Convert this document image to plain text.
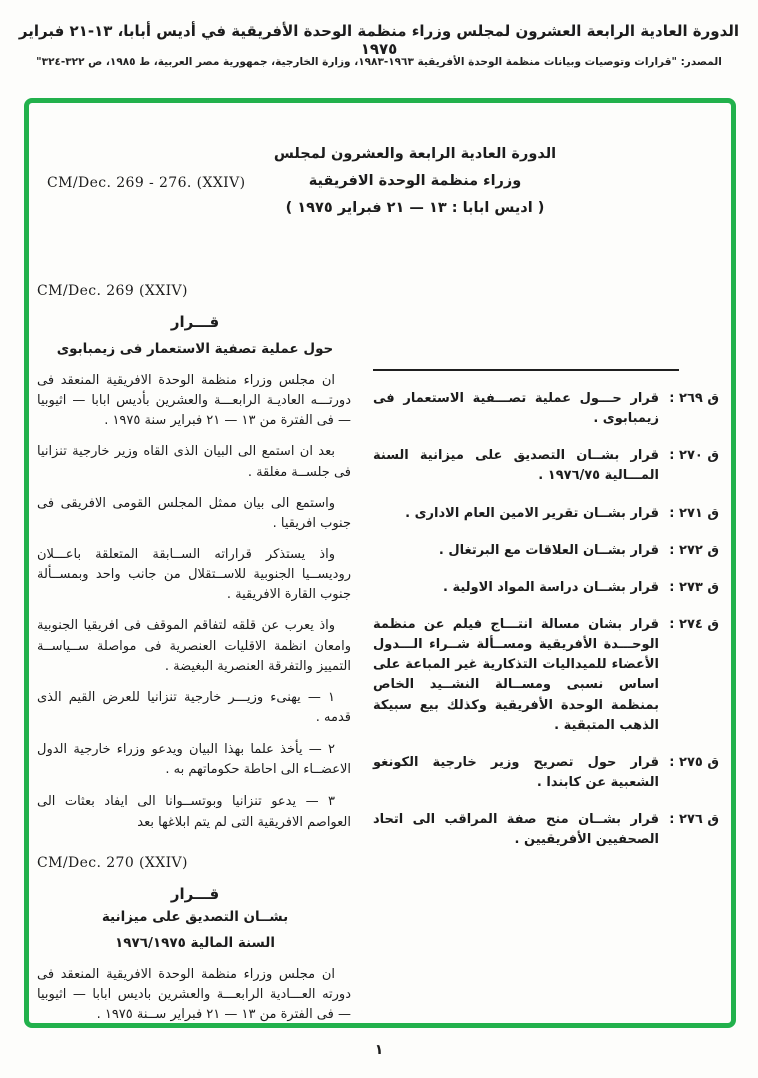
الدورة العادية الرابعة العشرون لمجلس وزراء منظمة الوحدة الأفريقية في أديس أبابا، ١٣-٢١ فبراير ١٩٧٥
المصدر: "قرارات وتوصيات وبيانات منظمة الوحدة الأفريقية ١٩٦٣-١٩٨٣، وزارة الخارجية، جمهورية مصر العربية، ط ١٩٨٥، ص ٣٢٢-٣٢٤"
CM/Dec. 269 - 276. (XXIV)
الدورة العادية الرابعة والعشرون لمجلس
وزراء منظمة الوحدة الافريقية
( اديس ابابا : ١٣ — ٢١ فبراير ١٩٧٥ )
ق ٢٦٩ :
قرار حـــول عملية تصـــفية الاستعمار فى زيمبابوى .
ق ٢٧٠ :
قرار بشــان التصديق على ميزانية السنة المـــالية ١٩٧٦/٧٥ .
ق ٢٧١ :
قرار بشــان تقرير الامين العام الادارى .
ق ٢٧٢ :
قرار بشــان العلاقات مع البرتغال .
ق ٢٧٣ :
قرار بشــان دراسة المواد الاولية .
ق ٢٧٤ :
قرار بشان مسالة انتـــاج فيلم عن منظمة الوحـــدة الأفريقية ومســألة شــراء الـــدول الأعضاء للميداليات التذكارية غير المباعة على اساس نسبى ومســالة النشــيد الخاص بمنظمة الوحدة الأفريقية وكذلك بيع سبيكة الذهب المتبقية .
ق ٢٧٥ :
قرار حول تصريح وزير خارجية الكونغو الشعبية عن كابندا .
ق ٢٧٦ :
قرار بشــان منح صفة المراقب الى اتحاد الصحفيين الأفريقيين .
CM/Dec. 269 (XXIV)
قـــرار
حول عملية تصفية الاستعمار فى زيمبابوى
ان مجلس وزراء منظمة الوحدة الافريقية المنعقد فى دورتـــه العاديـة الرابعـــة والعشرين بأديس ابابا — اثيوبيا — فى الفترة من ١٣ — ٢١ فبراير سنة ١٩٧٥ .
بعد ان استمع الى البيان الذى القاه وزير خارجية تنزانيا فى جلســة مغلقة .
واستمع الى بيان ممثل المجلس القومى الافريقى فى جنوب افريقيا .
واذ يستذكر قراراته الســابقة المتعلقة باعـــلان روديســيا الجنوبية للاســتقلال من جانب واحد وبمســألة جنوب القارة الافريقية .
واذ يعرب عن قلقه لتفاقم الموقف فى افريقيا الجنوبية وامعان انظمة الاقليات العنصرية فى مواصلة ســياســة التمييز والتفرقة العنصرية البغيضة .
١ — يهنىء وزيـــر خارجية تنزانيا للعرض القيم الذى قدمه .
٢ — يأخذ علما بهذا البيان ويدعو وزراء خارجية الدول الاعضــاء الى احاطة حكوماتهم به .
٣ — يدعو تنزانيا وبوتســوانا الى ايفاد بعثات الى العواصم الافريقية التى لم يتم ابلاغها بعد
CM/Dec. 270 (XXIV)
قـــرار
بشــان التصديق على ميزانية
السنة المالية ١٩٧٦/١٩٧٥
ان مجلس وزراء منظمة الوحدة الافريقية المنعقد فى دورته العـــادية الرابعـــة والعشرين باديس ابابا — اثيوبيا — فى الفترة من ١٣ — ٢١ فبراير ســنة ١٩٧٥ .
١
